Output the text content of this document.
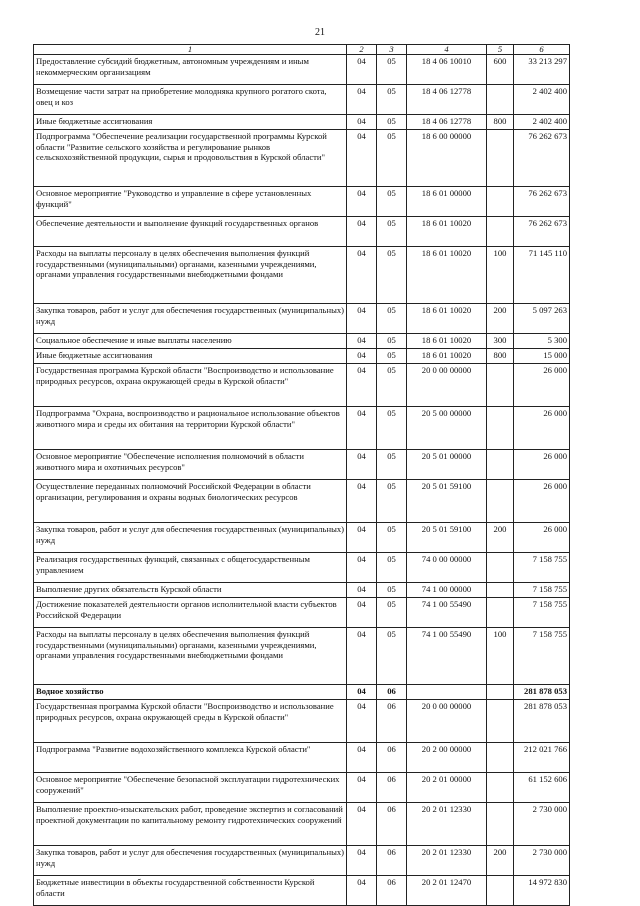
21
1	2	3	4	5	6
Предоставление субсидий бюджетным, автономным учреждениям и иным некоммерческим организациям	04	05	18 4 06 10010	600	33 213 297
Возмещение части затрат на приобретение молодняка крупного рогатого скота, овец и коз	04	05	18 4 06 12778		2 402 400
Иные бюджетные ассигнования	04	05	18 4 06 12778	800	2 402 400
Подпрограмма "Обеспечение реализации государственной программы Курской области "Развитие сельского хозяйства и регулирование рынков сельскохозяйственной продукции, сырья и продовольствия в Курской области"	04	05	18 6 00 00000		76 262 673
Основное мероприятие "Руководство и управление в сфере установленных функций"	04	05	18 6 01 00000		76 262 673
Обеспечение деятельности и выполнение функций государственных органов	04	05	18 6 01 10020		76 262 673
Расходы на выплаты персоналу в целях обеспечения выполнения функций государственными (муниципальными) органами, казенными учреждениями, органами управления государственными внебюджетными фондами	04	05	18 6 01 10020	100	71 145 110
Закупка товаров, работ и услуг для обеспечения государственных (муниципальных) нужд	04	05	18 6 01 10020	200	5 097 263
Социальное обеспечение и иные выплаты населению	04	05	18 6 01 10020	300	5 300
Иные бюджетные ассигнования	04	05	18 6 01 10020	800	15 000
Государственная программа Курской области "Воспроизводство и использование природных ресурсов, охрана окружающей среды в Курской области"	04	05	20 0 00 00000		26 000
Подпрограмма "Охрана, воспроизводство и рациональное использование объектов животного мира и среды их обитания на территории Курской области"	04	05	20 5 00 00000		26 000
Основное мероприятие "Обеспечение исполнения полномочий в области животного мира и охотничьих ресурсов"	04	05	20 5 01 00000		26 000
Осуществление переданных полномочий Российской Федерации в области организации, регулирования и охраны водных биологических ресурсов	04	05	20 5 01 59100		26 000
Закупка товаров, работ и услуг для обеспечения государственных (муниципальных) нужд	04	05	20 5 01 59100	200	26 000
Реализация государственных функций, связанных с общегосударственным управлением	04	05	74 0 00 00000		7 158 755
Выполнение других обязательств Курской области	04	05	74 1 00 00000		7 158 755
Достижение показателей деятельности органов исполнительной власти субъектов Российской Федерации	04	05	74 1 00 55490		7 158 755
Расходы на выплаты персоналу в целях обеспечения выполнения функций государственными (муниципальными) органами, казенными учреждениями, органами управления государственными внебюджетными фондами	04	05	74 1 00 55490	100	7 158 755
Водное хозяйство	04	06			281 878 053
Государственная программа Курской области "Воспроизводство и использование природных ресурсов, охрана окружающей среды в Курской области"	04	06	20 0 00 00000		281 878 053
Подпрограмма "Развитие водохозяйственного комплекса Курской области"	04	06	20 2 00 00000		212 021 766
Основное мероприятие "Обеспечение безопасной эксплуатации гидротехнических сооружений"	04	06	20 2 01 00000		61 152 606
Выполнение проектно-изыскательских работ, проведение экспертиз и согласований проектной документации по капитальному ремонту гидротехнических сооружений	04	06	20 2 01 12330		2 730 000
Закупка товаров, работ и услуг для обеспечения государственных (муниципальных) нужд	04	06	20 2 01 12330	200	2 730 000
Бюджетные инвестиции в объекты государственной собственности Курской области	04	06	20 2 01 12470		14 972 830
